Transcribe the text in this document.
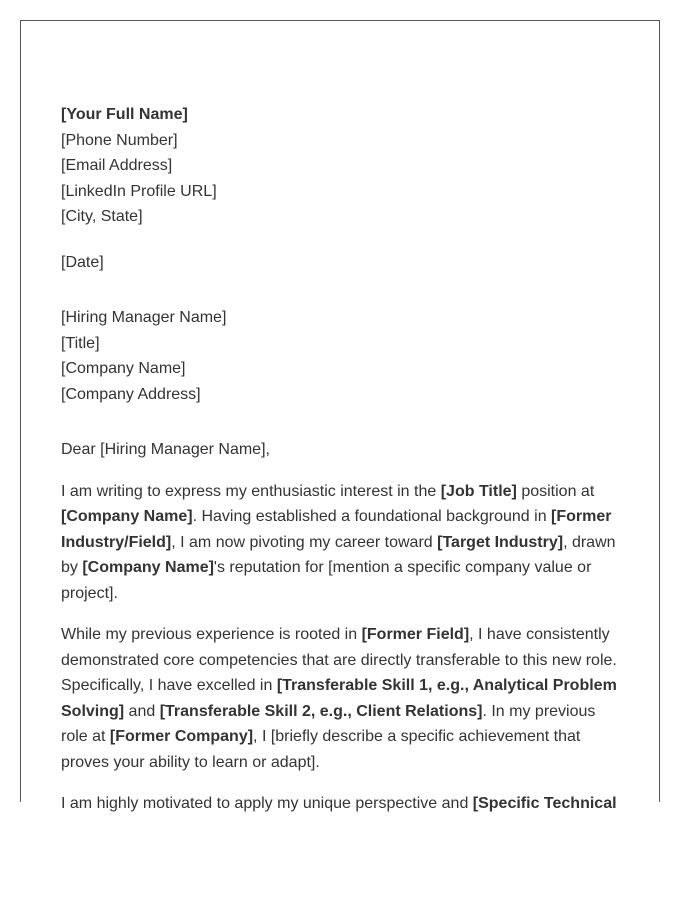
[Your Full Name]
[Phone Number]
[Email Address]
[LinkedIn Profile URL]
[City, State]
[Date]
[Hiring Manager Name]
[Title]
[Company Name]
[Company Address]
Dear [Hiring Manager Name],

I am writing to express my enthusiastic interest in the [Job Title] position at [Company Name]. Having established a foundational background in [Former Industry/Field], I am now pivoting my career toward [Target Industry], drawn by [Company Name]'s reputation for [mention a specific company value or project].

While my previous experience is rooted in [Former Field], I have consistently demonstrated core competencies that are directly transferable to this new role. Specifically, I have excelled in [Transferable Skill 1, e.g., Analytical Problem Solving] and [Transferable Skill 2, e.g., Client Relations]. In my previous role at [Former Company], I [briefly describe a specific achievement that proves your ability to learn or adapt].

I am highly motivated to apply my unique perspective and [Specific Technical
